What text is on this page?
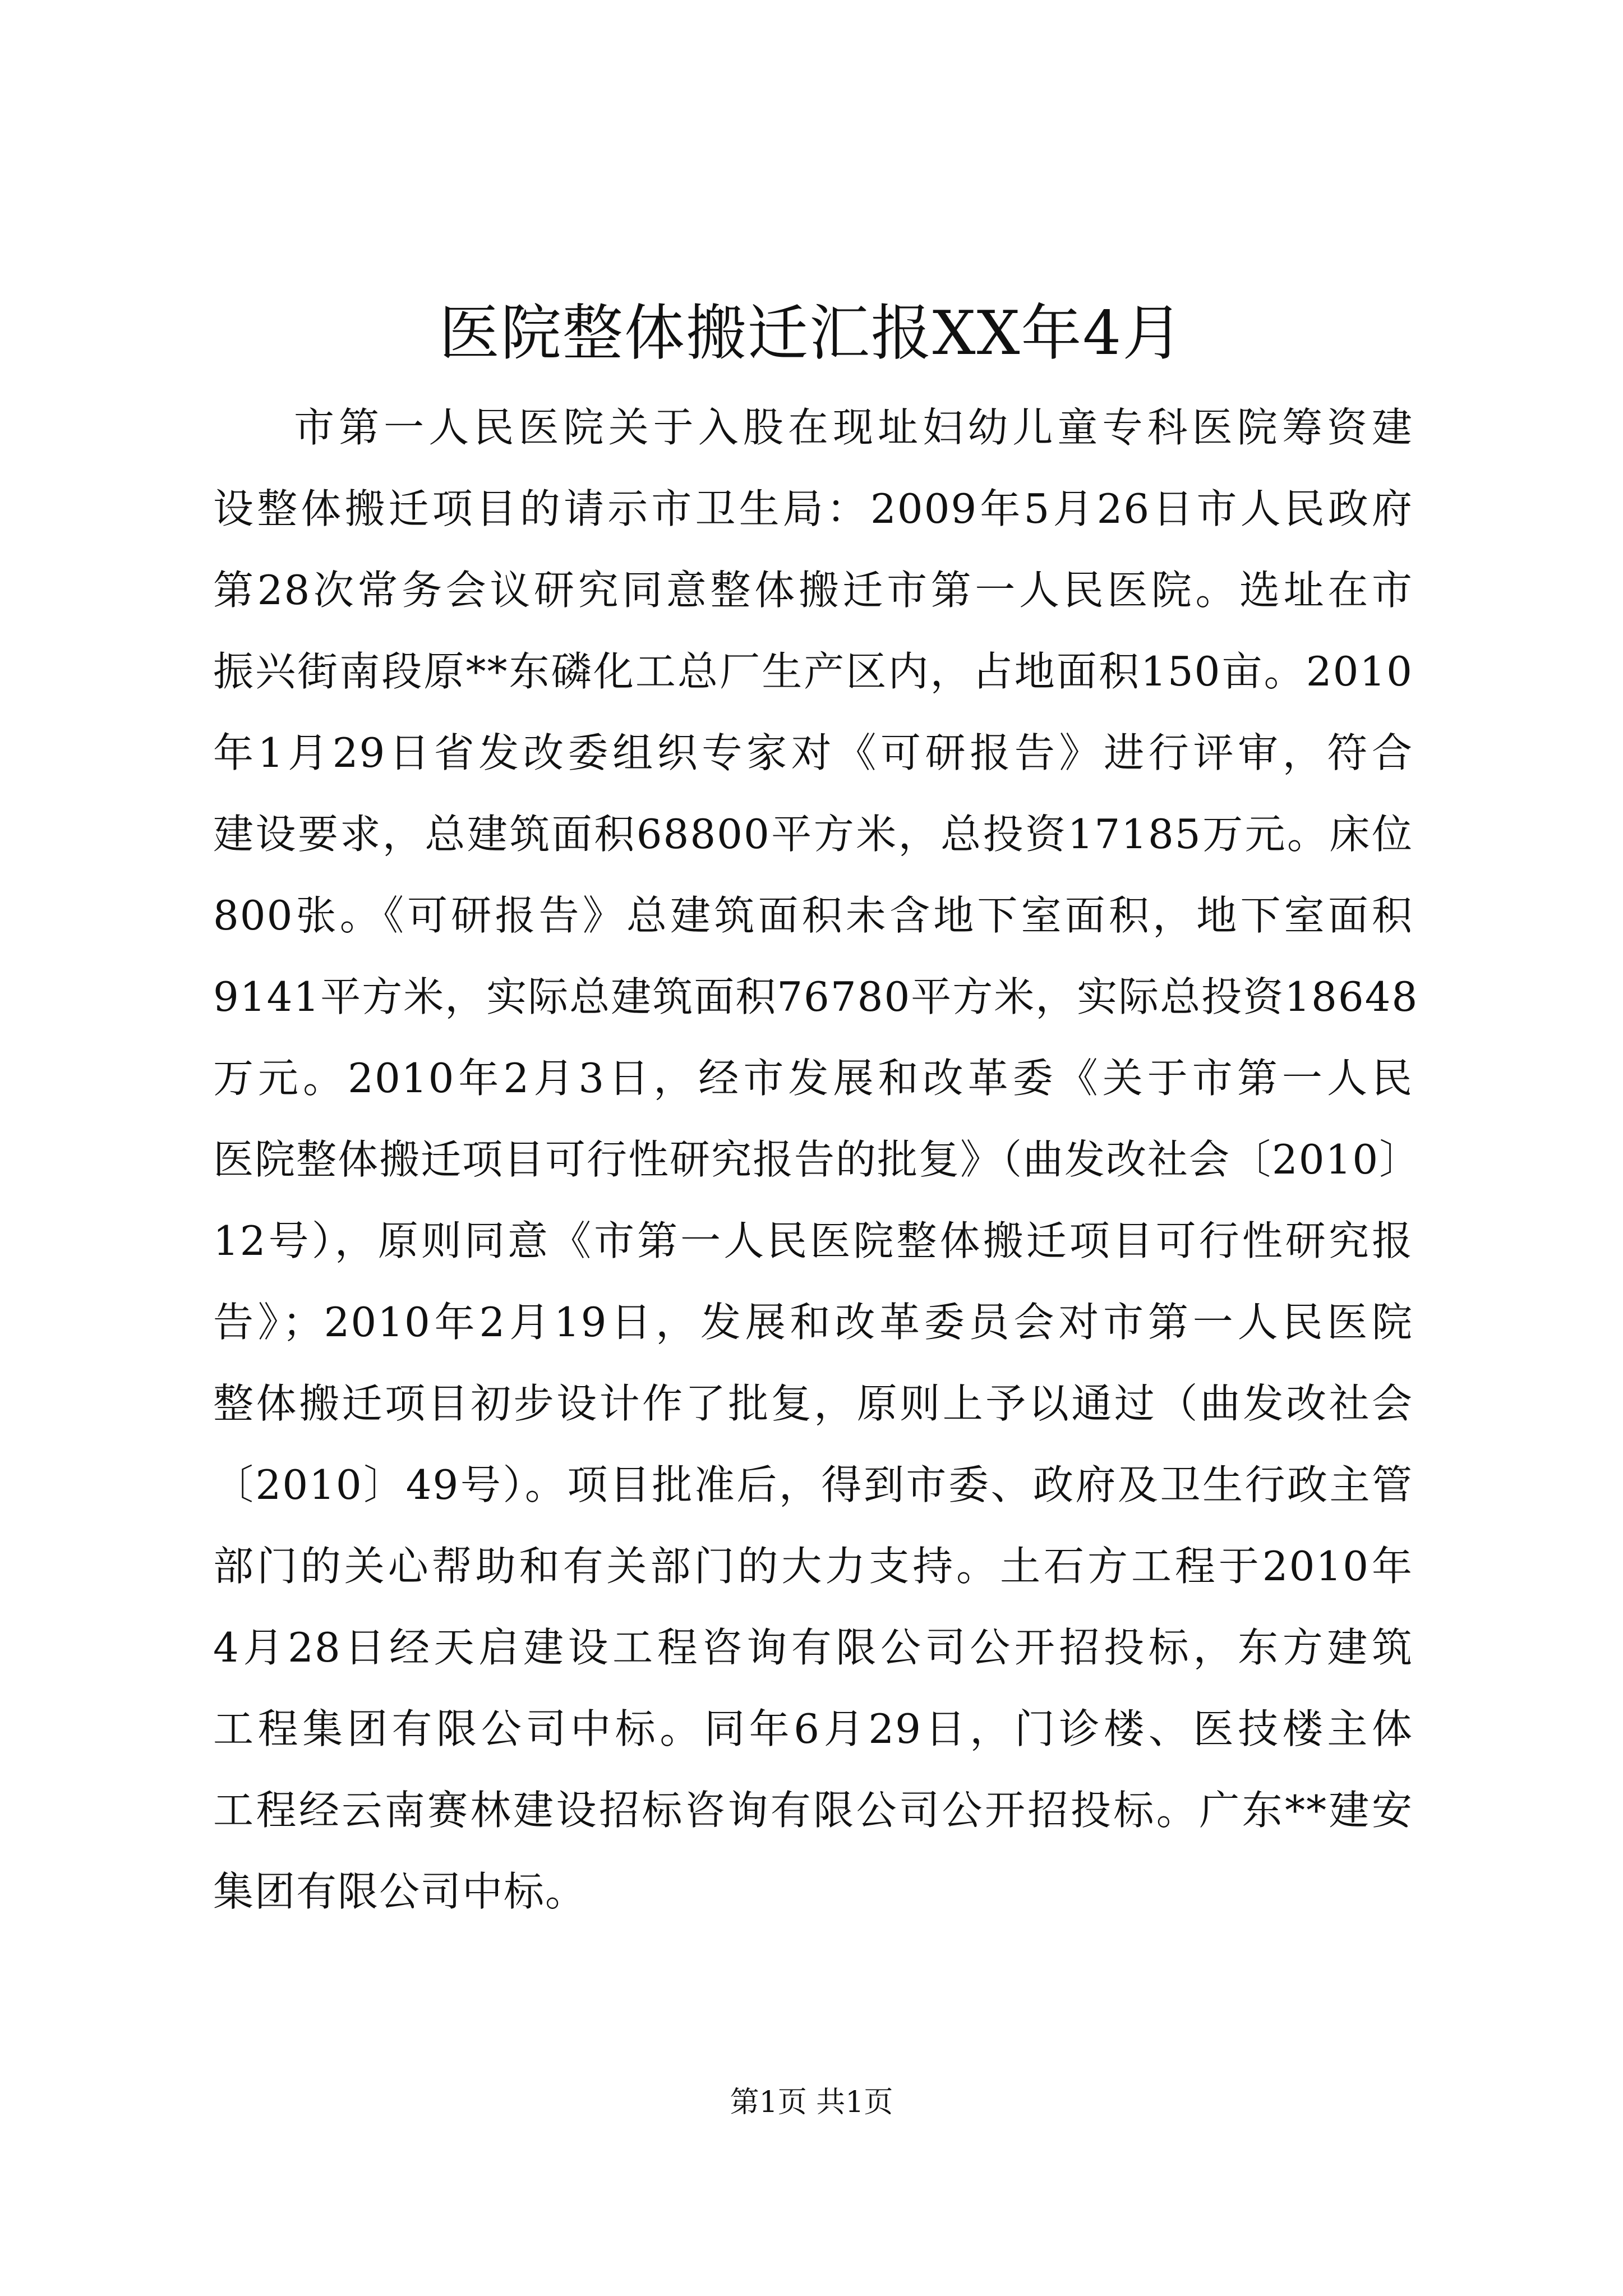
医院整体搬迁汇报XX年4月
市第一人民医院关于入股在现址妇幼儿童专科医院筹资建
设整体搬迁项目的请示市卫生局：2009年5月26日市人民政府
第28次常务会议研究同意整体搬迁市第一人民医院。选址在市
振兴街南段原**东磷化工总厂生产区内，占地面积150亩。2010
年1月29日省发改委组织专家对《可研报告》进行评审，符合
建设要求，总建筑面积68800平方米，总投资17185万元。床位
800张。《可研报告》总建筑面积未含地下室面积，地下室面积
9141平方米，实际总建筑面积76780平方米，实际总投资18648
万元。2010年2月3日，经市发展和改革委《关于市第一人民
医院整体搬迁项目可行性研究报告的批复》（曲发改社会〔2010〕
12号），原则同意《市第一人民医院整体搬迁项目可行性研究报
告》；2010年2月19日，发展和改革委员会对市第一人民医院
整体搬迁项目初步设计作了批复，原则上予以通过（曲发改社会
〔2010〕49号）。项目批准后，得到市委、政府及卫生行政主管
部门的关心帮助和有关部门的大力支持。土石方工程于2010年
4月28日经天启建设工程咨询有限公司公开招投标，东方建筑
工程集团有限公司中标。同年6月29日，门诊楼、医技楼主体
工程经云南赛林建设招标咨询有限公司公开招投标。广东**建安
集团有限公司中标。
第1页 共1页
